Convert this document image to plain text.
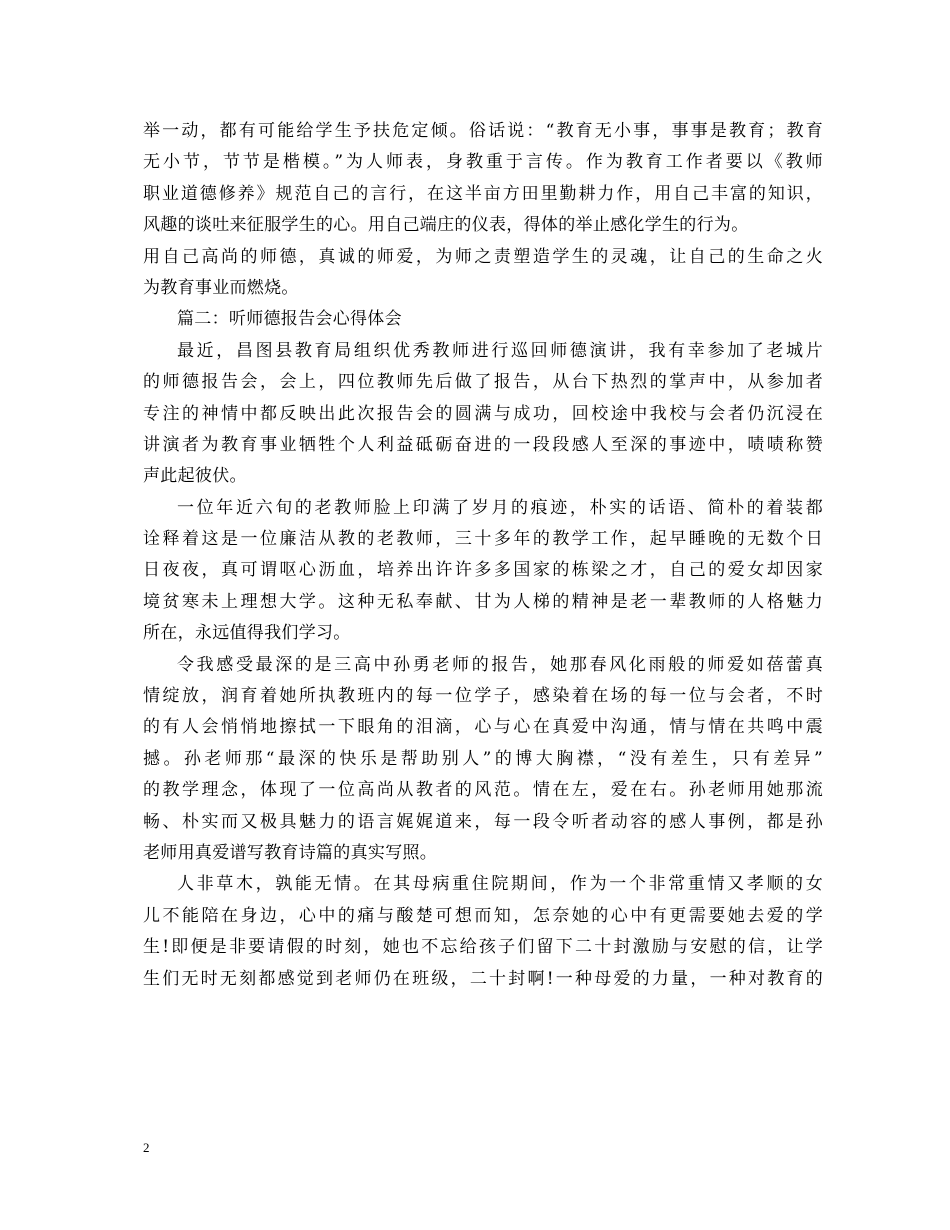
举一动，都有可能给学生予扶危定倾。俗话说：“教育无小事，事事是教育；教育
无小节，节节是楷模。”为人师表，身教重于言传。作为教育工作者要以《教师
职业道德修养》规范自己的言行，在这半亩方田里勤耕力作，用自己丰富的知识，
风趣的谈吐来征服学生的心。用自己端庄的仪表，得体的举止感化学生的行为。
用自己高尚的师德，真诚的师爱，为师之责塑造学生的灵魂，让自己的生命之火
为教育事业而燃烧。
篇二：听师德报告会心得体会
最近，昌图县教育局组织优秀教师进行巡回师德演讲，我有幸参加了老城片
的师德报告会，会上，四位教师先后做了报告，从台下热烈的掌声中，从参加者
专注的神情中都反映出此次报告会的圆满与成功，回校途中我校与会者仍沉浸在
讲演者为教育事业牺牲个人利益砥砺奋进的一段段感人至深的事迹中，啧啧称赞
声此起彼伏。
一位年近六旬的老教师脸上印满了岁月的痕迹，朴实的话语、简朴的着装都
诠释着这是一位廉洁从教的老教师，三十多年的教学工作，起早睡晚的无数个日
日夜夜，真可谓呕心沥血，培养出许许多多国家的栋梁之才，自己的爱女却因家
境贫寒未上理想大学。这种无私奉献、甘为人梯的精神是老一辈教师的人格魅力
所在，永远值得我们学习。
令我感受最深的是三高中孙勇老师的报告，她那春风化雨般的师爱如蓓蕾真
情绽放，润育着她所执教班内的每一位学子，感染着在场的每一位与会者，不时
的有人会悄悄地擦拭一下眼角的泪滴，心与心在真爱中沟通，情与情在共鸣中震
撼。孙老师那“最深的快乐是帮助别人”的博大胸襟，“没有差生，只有差异”
的教学理念，体现了一位高尚从教者的风范。情在左，爱在右。孙老师用她那流
畅、朴实而又极具魅力的语言娓娓道来，每一段令听者动容的感人事例，都是孙
老师用真爱谱写教育诗篇的真实写照。
人非草木，孰能无情。在其母病重住院期间，作为一个非常重情又孝顺的女
儿不能陪在身边，心中的痛与酸楚可想而知，怎奈她的心中有更需要她去爱的学
生!即便是非要请假的时刻，她也不忘给孩子们留下二十封激励与安慰的信，让学
生们无时无刻都感觉到老师仍在班级，二十封啊!一种母爱的力量，一种对教育的
2
